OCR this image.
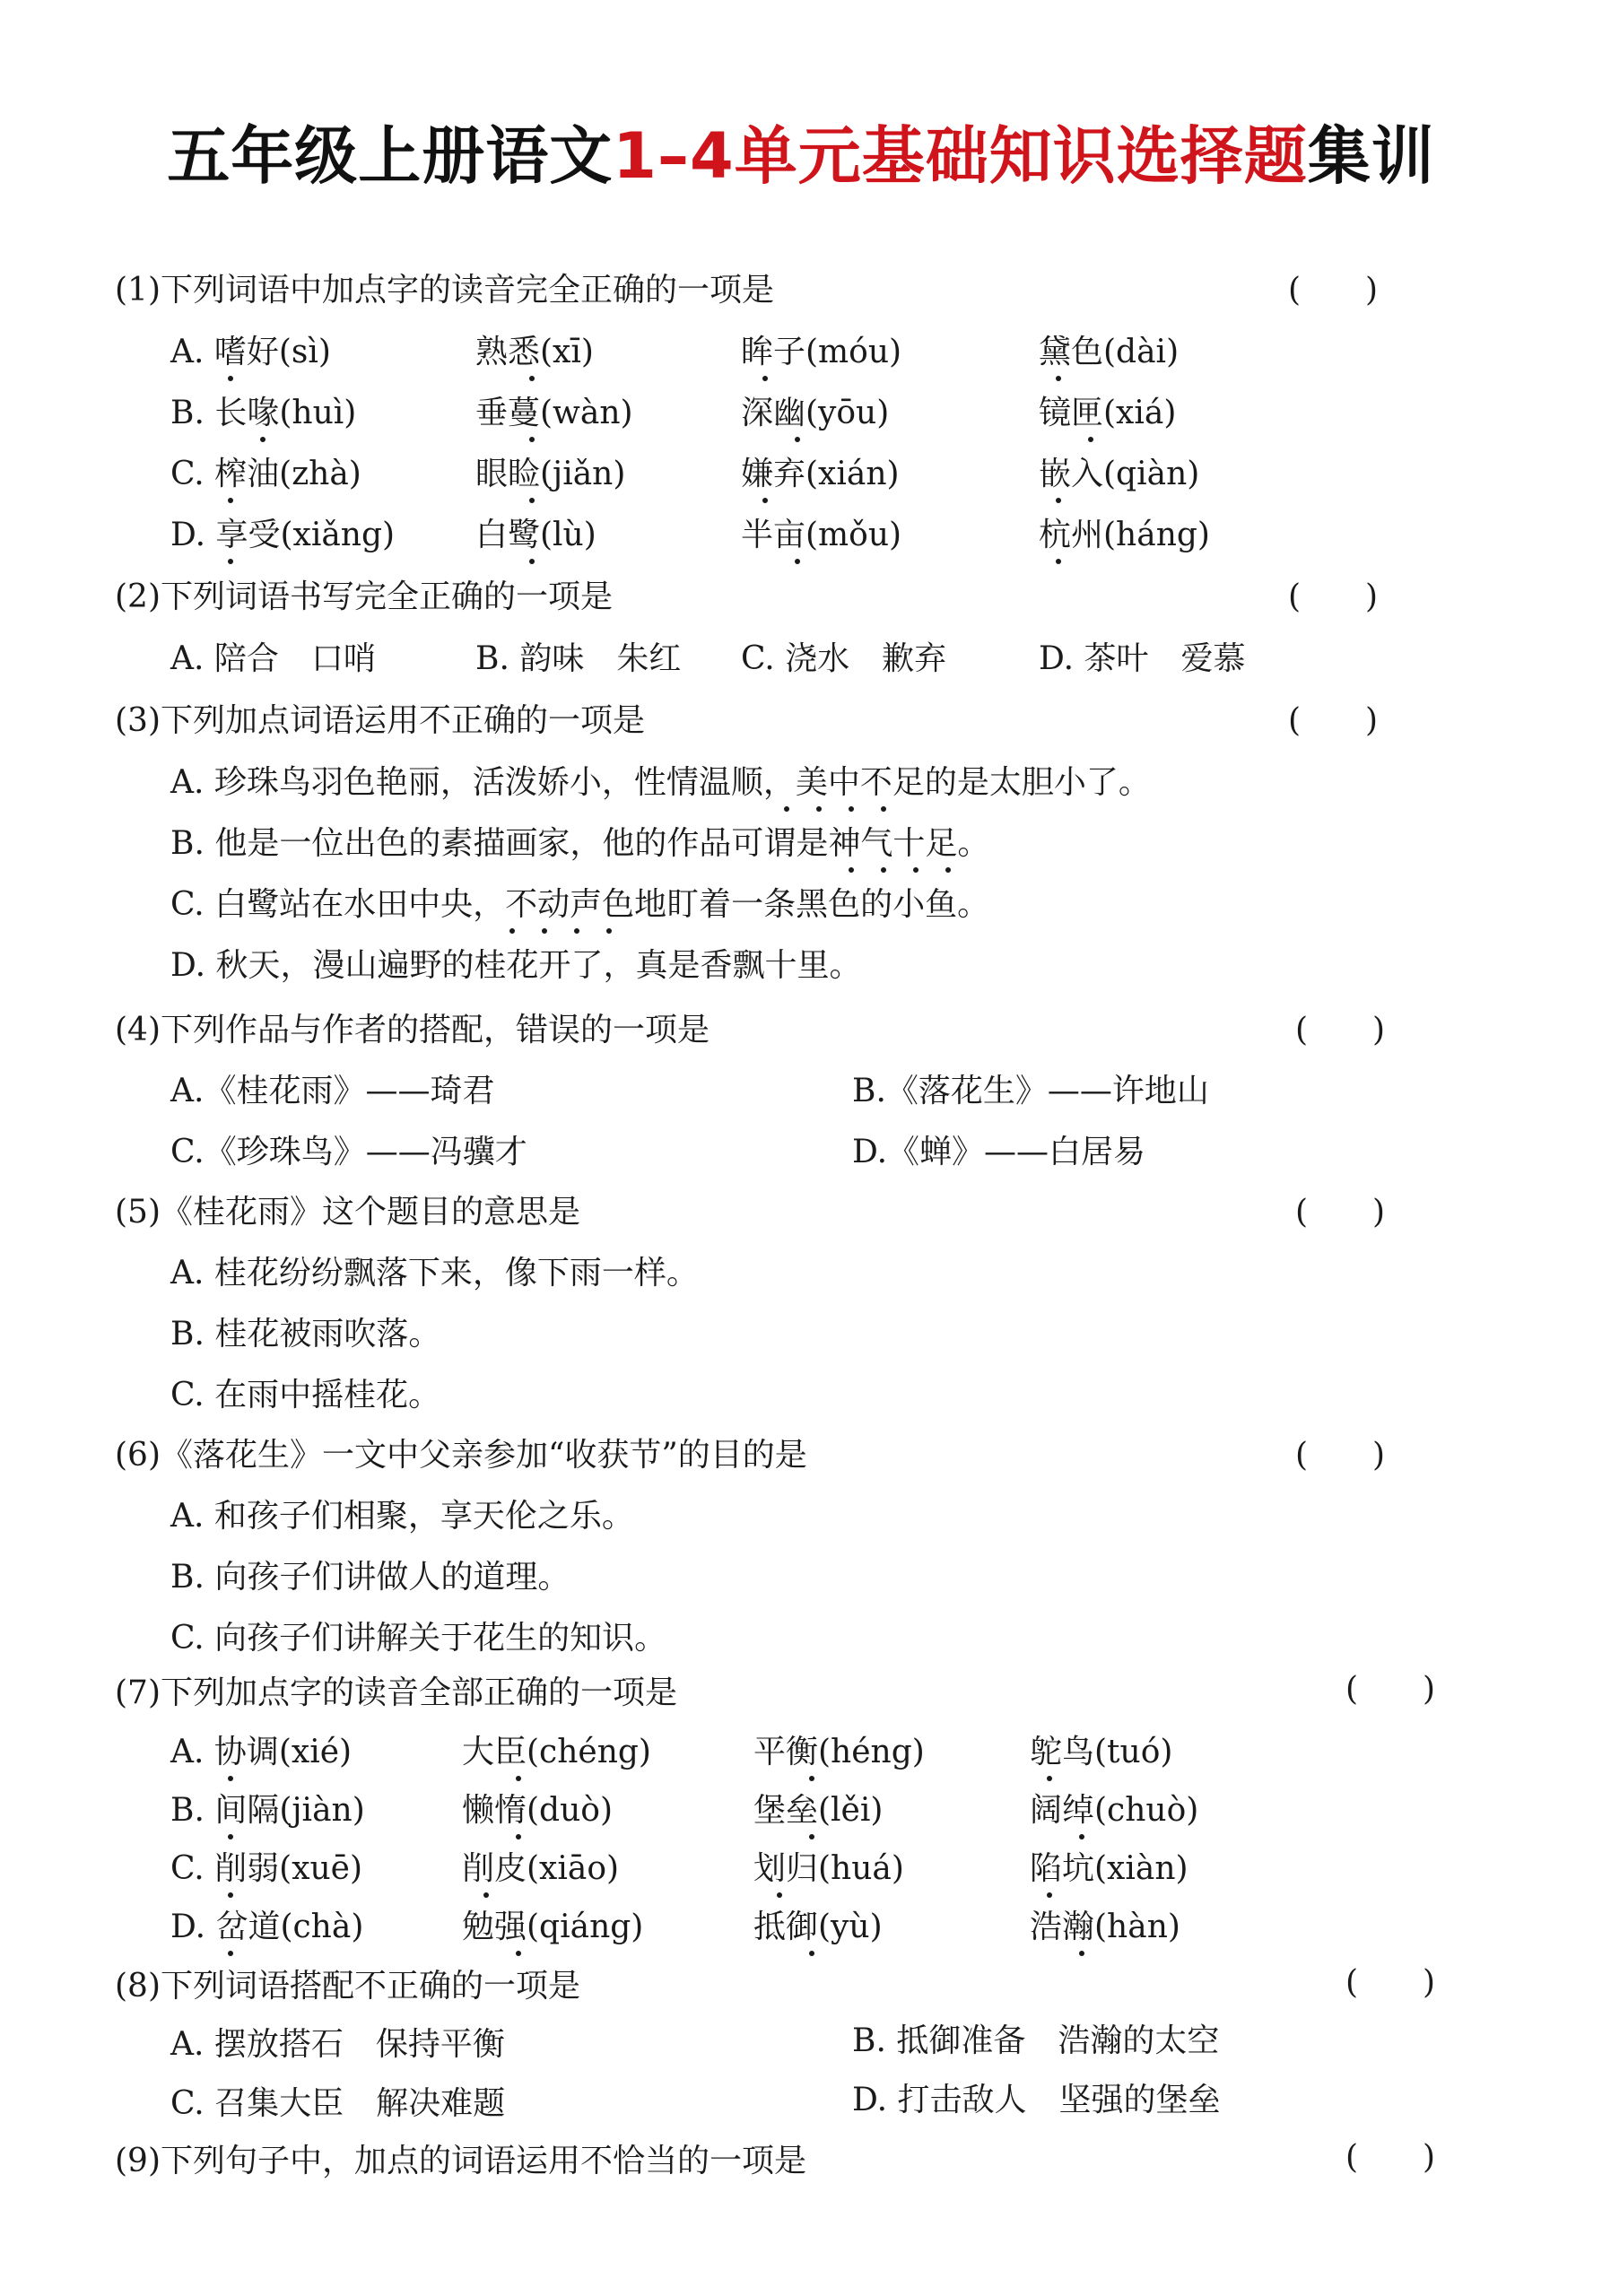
五年级上册语文1–4单元基础知识选择题集训
(1)下列词语中加点字的读音完全正确的一项是	(　　)
A. 嗜好(sì)	熟悉(xī)	眸子(móu)	黛色(dài)
B. 长喙(huì)	垂蔓(wàn)	深幽(yōu)	镜匣(xiá)
C. 榨油(zhà)	眼睑(jiǎn)	嫌弃(xián)	嵌入(qiàn)
D. 享受(xiǎng) 白鹭(lù)	半亩(mǒu)	杭州(háng)
(2)下列词语书写完全正确的一项是	(　　)
A. 陪合　口哨	B. 韵味　朱红 C. 浇水　歉弃	D. 茶叶　爱慕
(3)下列加点词语运用不正确的一项是	(　　)
A. 珍珠鸟羽色艳丽，活泼娇小，性情温顺，美中不足的是太胆小了。
B. 他是一位出色的素描画家，他的作品可谓是神气十足。
C. 白鹭站在水田中央，不动声色地盯着一条黑色的小鱼。
D. 秋天，漫山遍野的桂花开了，真是香飘十里。
(4)下列作品与作者的搭配，错误的一项是	(　　)
A.《桂花雨》——琦君	B.《落花生》——许地山
C.《珍珠鸟》——冯骥才	D.《蝉》——白居易
(5)《桂花雨》这个题目的意思是	(　　)
A. 桂花纷纷飘落下来，像下雨一样。
B. 桂花被雨吹落。
C. 在雨中摇桂花。
(6)《落花生》一文中父亲参加“收获节”的目的是	(　　)
A. 和孩子们相聚，享天伦之乐。
B. 向孩子们讲做人的道理。
C. 向孩子们讲解关于花生的知识。
(7)下列加点字的读音全部正确的一项是	(　　)
A. 协调(xié)	大臣(chéng)	平衡(héng)	鸵鸟(tuó)
B. 间隔(jiàn)	懒惰(duò)	堡垒(lěi)	阔绰(chuò)
C. 削弱(xuē)	削皮(xiāo)	划归(huá)	陷坑(xiàn)
D. 岔道(chà)	勉强(qiáng)	抵御(yù)	浩瀚(hàn)
(8)下列词语搭配不正确的一项是	(　　)
A. 摆放搭石　保持平衡	B. 抵御准备　浩瀚的太空
C. 召集大臣　解决难题	D. 打击敌人　坚强的堡垒
(9)下列句子中，加点的词语运用不恰当的一项是	(　　)
